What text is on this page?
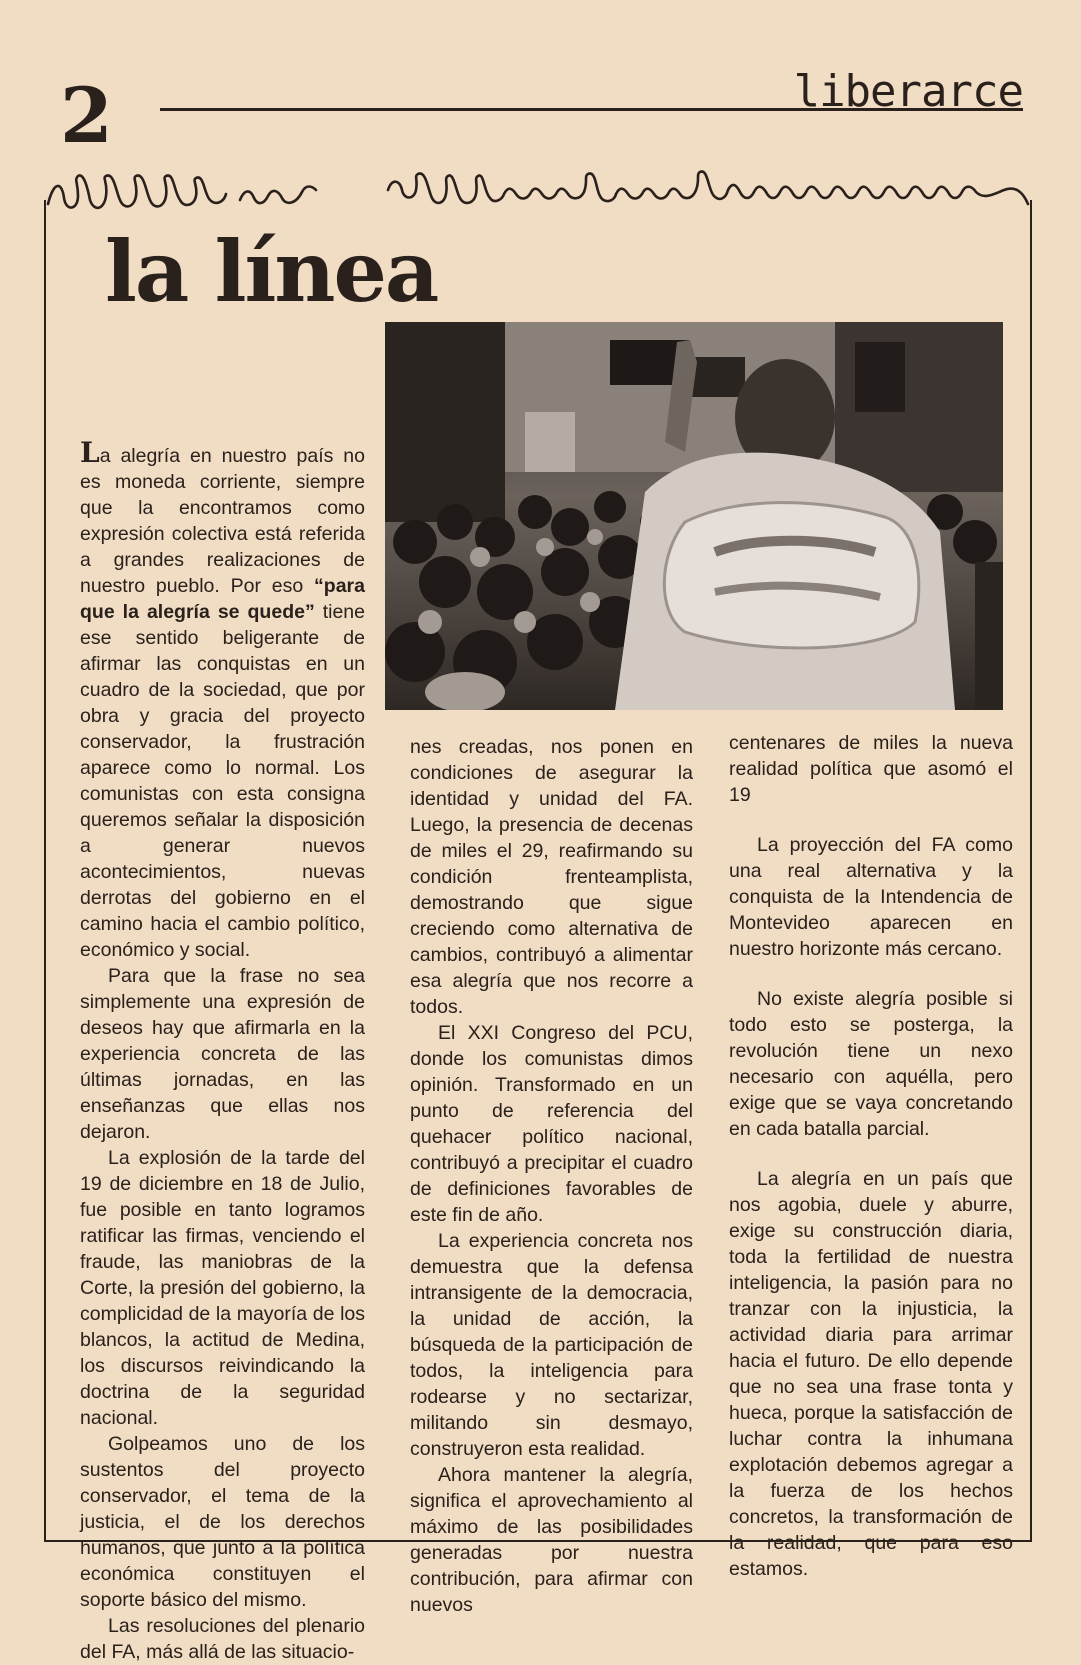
2	liberarce
la línea

La alegría en nuestro país no es moneda corriente, siempre que la encontramos como expresión colectiva está referida a grandes realizaciones de nuestro pueblo. Por eso “para que la alegría se quede” tiene ese sentido beligerante de afirmar las conquistas en un cuadro de la sociedad, que por obra y gracia del proyecto conservador, la frustración aparece como lo normal. Los comunistas con esta consigna queremos señalar la disposición a generar nuevos acontecimientos, nuevas derrotas del gobierno en el camino hacia el cambio político, económico y social.

Para que la frase no sea simplemente una expresión de deseos hay que afirmarla en la experiencia concreta de las últimas jornadas, en las enseñanzas que ellas nos dejaron.

La explosión de la tarde del 19 de diciembre en 18 de Julio, fue posible en tanto logramos ratificar las firmas, venciendo el fraude, las maniobras de la Corte, la presión del gobierno, la complicidad de la mayoría de los blancos, la actitud de Medina, los discursos reivindicando la doctrina de la seguridad nacional.

Golpeamos uno de los sustentos del proyecto conservador, el tema de la justicia, el de los derechos humanos, que junto a la política económica constituyen el soporte básico del mismo.

Las resoluciones del plenario del FA, más allá de las situacio-

nes creadas, nos ponen en condiciones de asegurar la identidad y unidad del FA. Luego, la presencia de decenas de miles el 29, reafirmando su condición frenteamplista, demostrando que sigue creciendo como alternativa de cambios, contribuyó a alimentar esa alegría que nos recorre a todos.

El XXI Congreso del PCU, donde los comunistas dimos opinión. Transformado en un punto de referencia del quehacer político nacional, contribuyó a precipitar el cuadro de definiciones favorables de este fin de año.

La experiencia concreta nos demuestra que la defensa intransigente de la democracia, la unidad de acción, la búsqueda de la participación de todos, la inteligencia para rodearse y no sectarizar, militando sin desmayo, construyeron esta realidad.

Ahora mantener la alegría, significa el aprovechamiento al máximo de las posibilidades generadas por nuestra contribución, para afirmar con nuevos

centenares de miles la nueva realidad política que asomó el 19

La proyección del FA como una real alternativa y la conquista de la Intendencia de Montevideo aparecen en nuestro horizonte más cercano.

No existe alegría posible si todo esto se posterga, la revolución tiene un nexo necesario con aquélla, pero exige que se vaya concretando en cada batalla parcial.

La alegría en un país que nos agobia, duele y aburre, exige su construcción diaria, toda la fertilidad de nuestra inteligencia, la pasión para no tranzar con la injusticia, la actividad diaria para arrimar hacia el futuro. De ello depende que no sea una frase tonta y hueca, porque la satisfacción de luchar contra la inhumana explotación debemos agregar a la fuerza de los hechos concretos, la transformación de la realidad, que para eso estamos.
